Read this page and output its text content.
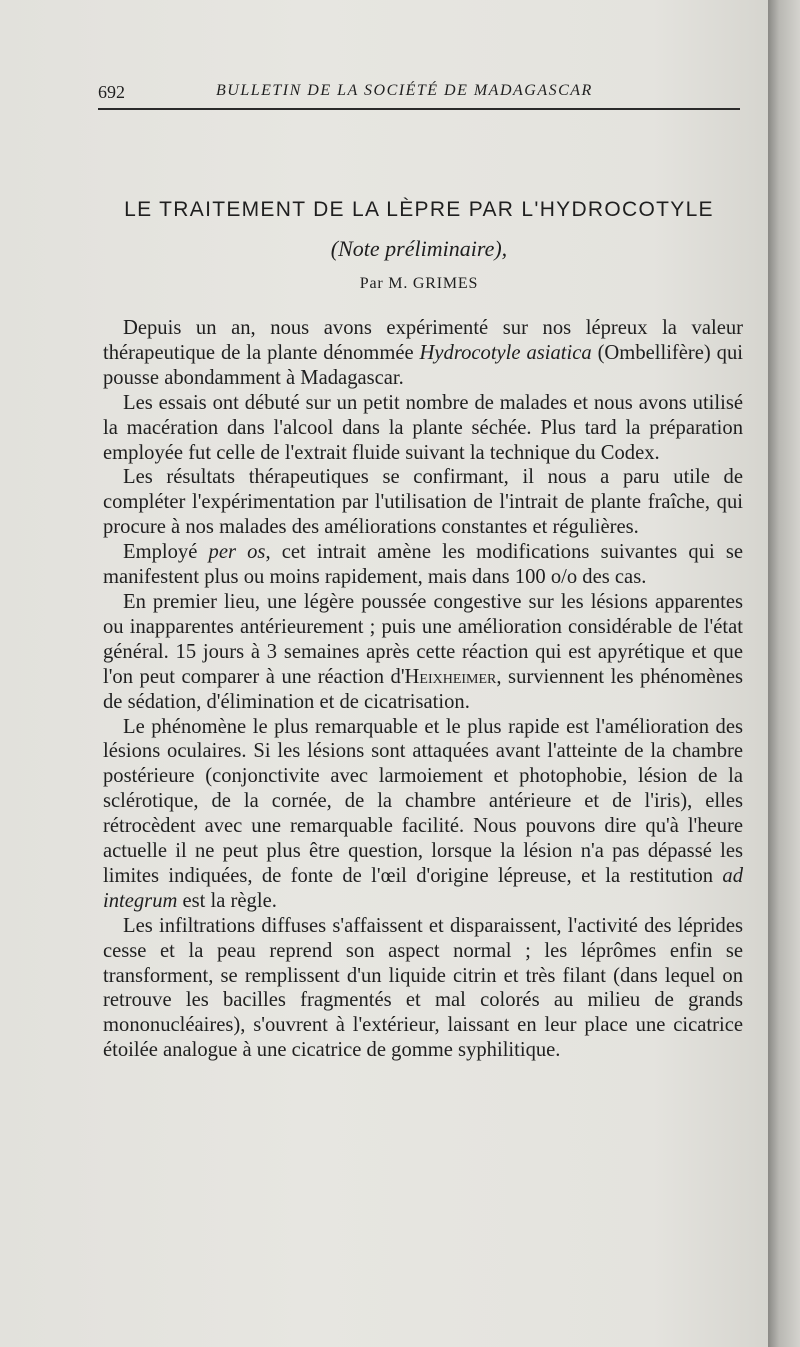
692	BULLETIN DE LA SOCIÉTÉ DE MADAGASCAR
LE TRAITEMENT DE LA LÈPRE PAR L'HYDROCOTYLE
(Note préliminaire),
Par M. GRIMES

Depuis un an, nous avons expérimenté sur nos lépreux la valeur thérapeutique de la plante dénommée Hydrocotyle asiatica (Ombellifère) qui pousse abondamment à Madagascar.

Les essais ont débuté sur un petit nombre de malades et nous avons utilisé la macération dans l'alcool dans la plante séchée. Plus tard la préparation employée fut celle de l'extrait fluide suivant la technique du Codex.

Les résultats thérapeutiques se confirmant, il nous a paru utile de compléter l'expérimentation par l'utilisation de l'intrait de plante fraîche, qui procure à nos malades des améliorations constantes et régulières.

Employé per os, cet intrait amène les modifications suivantes qui se manifestent plus ou moins rapidement, mais dans 100 o/o des cas.

En premier lieu, une légère poussée congestive sur les lésions apparentes ou inapparentes antérieurement ; puis une amélioration considérable de l'état général. 15 jours à 3 semaines après cette réaction qui est apyrétique et que l'on peut comparer à une réaction d'Heixheimer, surviennent les phénomènes de sédation, d'élimination et de cicatrisation.

Le phénomène le plus remarquable et le plus rapide est l'amélioration des lésions oculaires. Si les lésions sont attaquées avant l'atteinte de la chambre postérieure (conjonctivite avec larmoiement et photophobie, lésion de la sclérotique, de la cornée, de la chambre antérieure et de l'iris), elles rétrocèdent avec une remarquable facilité. Nous pouvons dire qu'à l'heure actuelle il ne peut plus être question, lorsque la lésion n'a pas dépassé les limites indiquées, de fonte de l'œil d'origine lépreuse, et la restitution ad integrum est la règle.

Les infiltrations diffuses s'affaissent et disparaissent, l'activité des léprides cesse et la peau reprend son aspect normal ; les léprômes enfin se transforment, se remplissent d'un liquide citrin et très filant (dans lequel on retrouve les bacilles fragmentés et mal colorés au milieu de grands mononucléaires), s'ouvrent à l'extérieur, laissant en leur place une cicatrice étoilée analogue à une cicatrice de gomme syphilitique.
